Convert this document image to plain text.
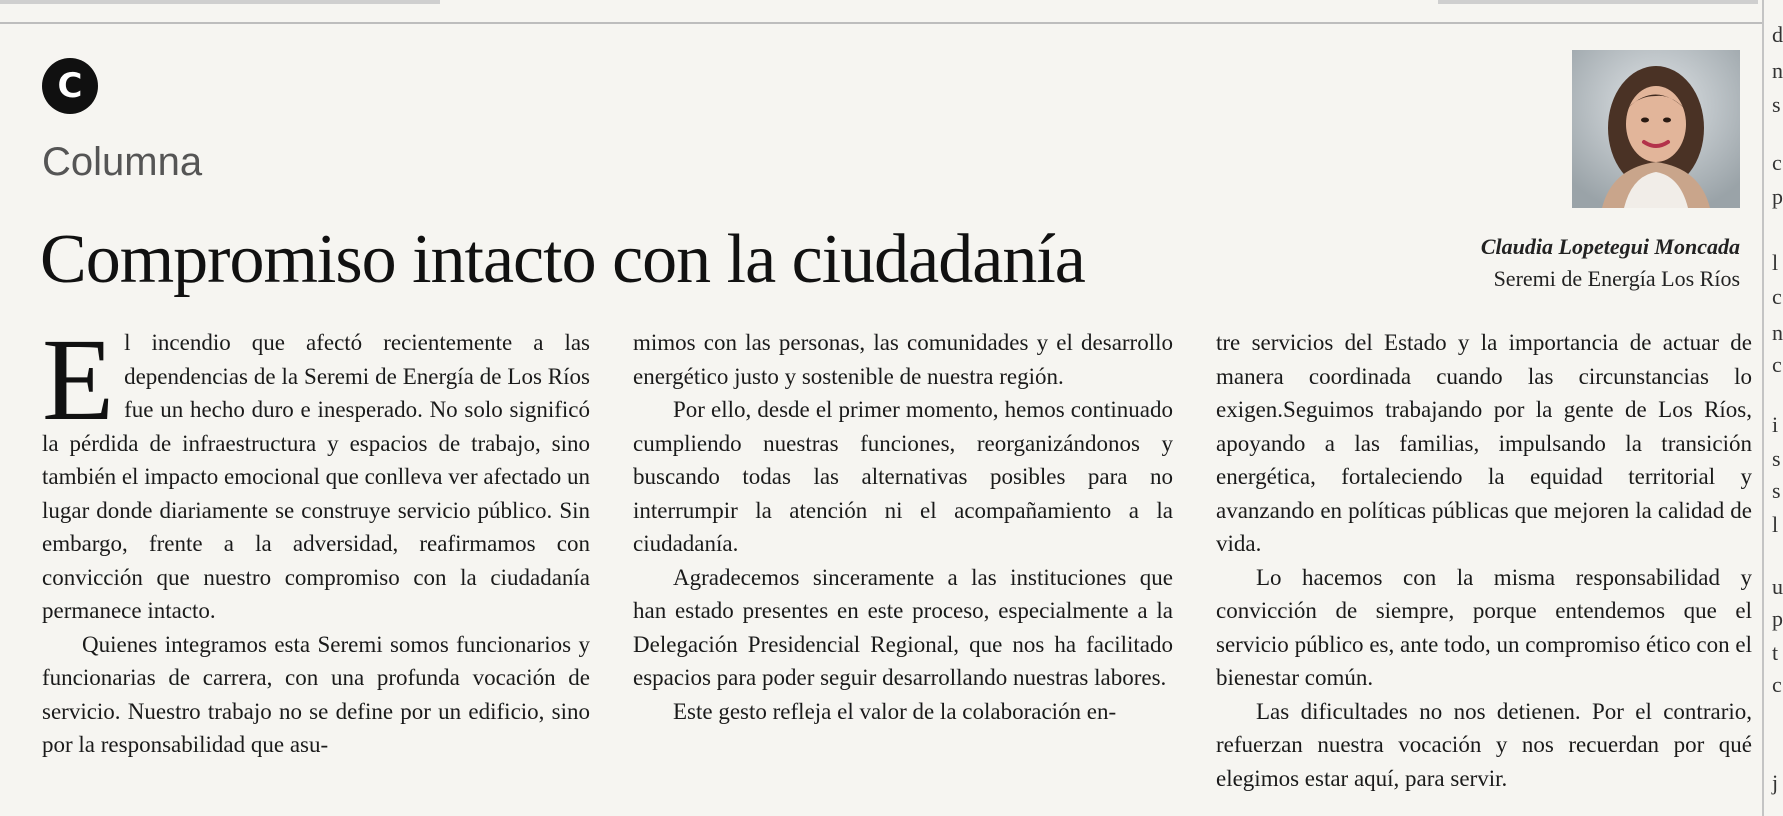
C
Columna
Compromiso intacto con la ciudadanía	Claudia Lopetegui Moncada
Seremi de Energía Los Ríos

El incendio que afectó recientemente a las dependencias de la Seremi de Energía de Los Ríos fue un hecho duro e inesperado. No solo significó la pérdida de infraestructura y espacios de trabajo, sino también el impacto emocional que conlleva ver afectado un lugar donde diariamente se construye servicio público. Sin embargo, frente a la adversidad, reafirmamos con convicción que nuestro compromiso con la ciudadanía permanece intacto.

Quienes integramos esta Seremi somos funcionarios y funcionarias de carrera, con una profunda vocación de servicio. Nuestro trabajo no se define por un edificio, sino por la responsabilidad que asu-

mimos con las personas, las comunidades y el desarrollo energético justo y sostenible de nuestra región.

Por ello, desde el primer momento, hemos continuado cumpliendo nuestras funciones, reorganizándonos y buscando todas las alternativas posibles para no interrumpir la atención ni el acompañamiento a la ciudadanía.

Agradecemos sinceramente a las instituciones que han estado presentes en este proceso, especialmente a la Delegación Presidencial Regional, que nos ha facilitado espacios para poder seguir desarrollando nuestras labores.

Este gesto refleja el valor de la colaboración en-

tre servicios del Estado y la importancia de actuar de manera coordinada cuando las circunstancias lo exigen.Seguimos trabajando por la gente de Los Ríos, apoyando a las familias, impulsando la transición energética, fortaleciendo la equidad territorial y avanzando en políticas públicas que mejoren la calidad de vida.

Lo hacemos con la misma responsabilidad y convicción de siempre, porque entendemos que el servicio público es, ante todo, un compromiso ético con el bienestar común.

Las dificultades no nos detienen. Por el contrario, refuerzan nuestra vocación y nos recuerdan por qué elegimos estar aquí, para servir.

d
n
s
c
p
l
c
n
c
i
s
s
l
u
p
t
c
j
